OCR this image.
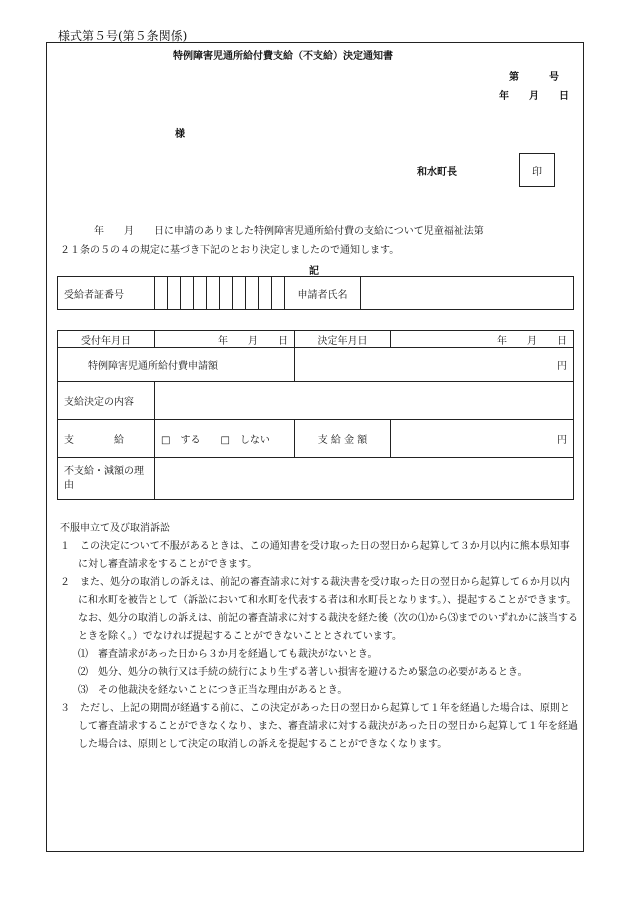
様式第５号(第５条関係)
特例障害児通所給付費支給（不支給）決定通知書
第　　　号
年　　月　　日
様
和水町長	印
年　　月　　日に申請のありました特例障害児通所給付費の支給について児童福祉法第
２１条の５の４の規定に基づき下記のとおり決定しましたので通知します。
記
受給者証番号											申請者氏名	
受付年月日	年　　月　　日	決定年月日	年　　月　　日
特例障害児通所給付費申請額		円	
支給決定の内容			
支　　　　給	□　する　　□　しない	支 給 金 額	円
不支給・減額の理由			

不服申立て及び取消訴訟

１　この決定について不服があるときは、この通知書を受け取った日の翌日から起算して３か月以内に熊本県知事に対し審査請求をすることができます。

２　また、処分の取消しの訴えは、前記の審査請求に対する裁決書を受け取った日の翌日から起算して６か月以内に和水町を被告として（訴訟において和水町を代表する者は和水町長となります。）、提起することができます。なお、処分の取消しの訴えは、前記の審査請求に対する裁決を経た後（次の⑴から⑶までのいずれかに該当するときを除く。）でなければ提起することができないこととされています。

⑴　審査請求があった日から３か月を経過しても裁決がないとき。

⑵　処分、処分の執行又は手続の続行により生ずる著しい損害を避けるため緊急の必要があるとき。

⑶　その他裁決を経ないことにつき正当な理由があるとき。

３　ただし、上記の期間が経過する前に、この決定があった日の翌日から起算して１年を経過した場合は、原則として審査請求することができなくなり、また、審査請求に対する裁決があった日の翌日から起算して１年を経過した場合は、原則として決定の取消しの訴えを提起することができなくなります。
